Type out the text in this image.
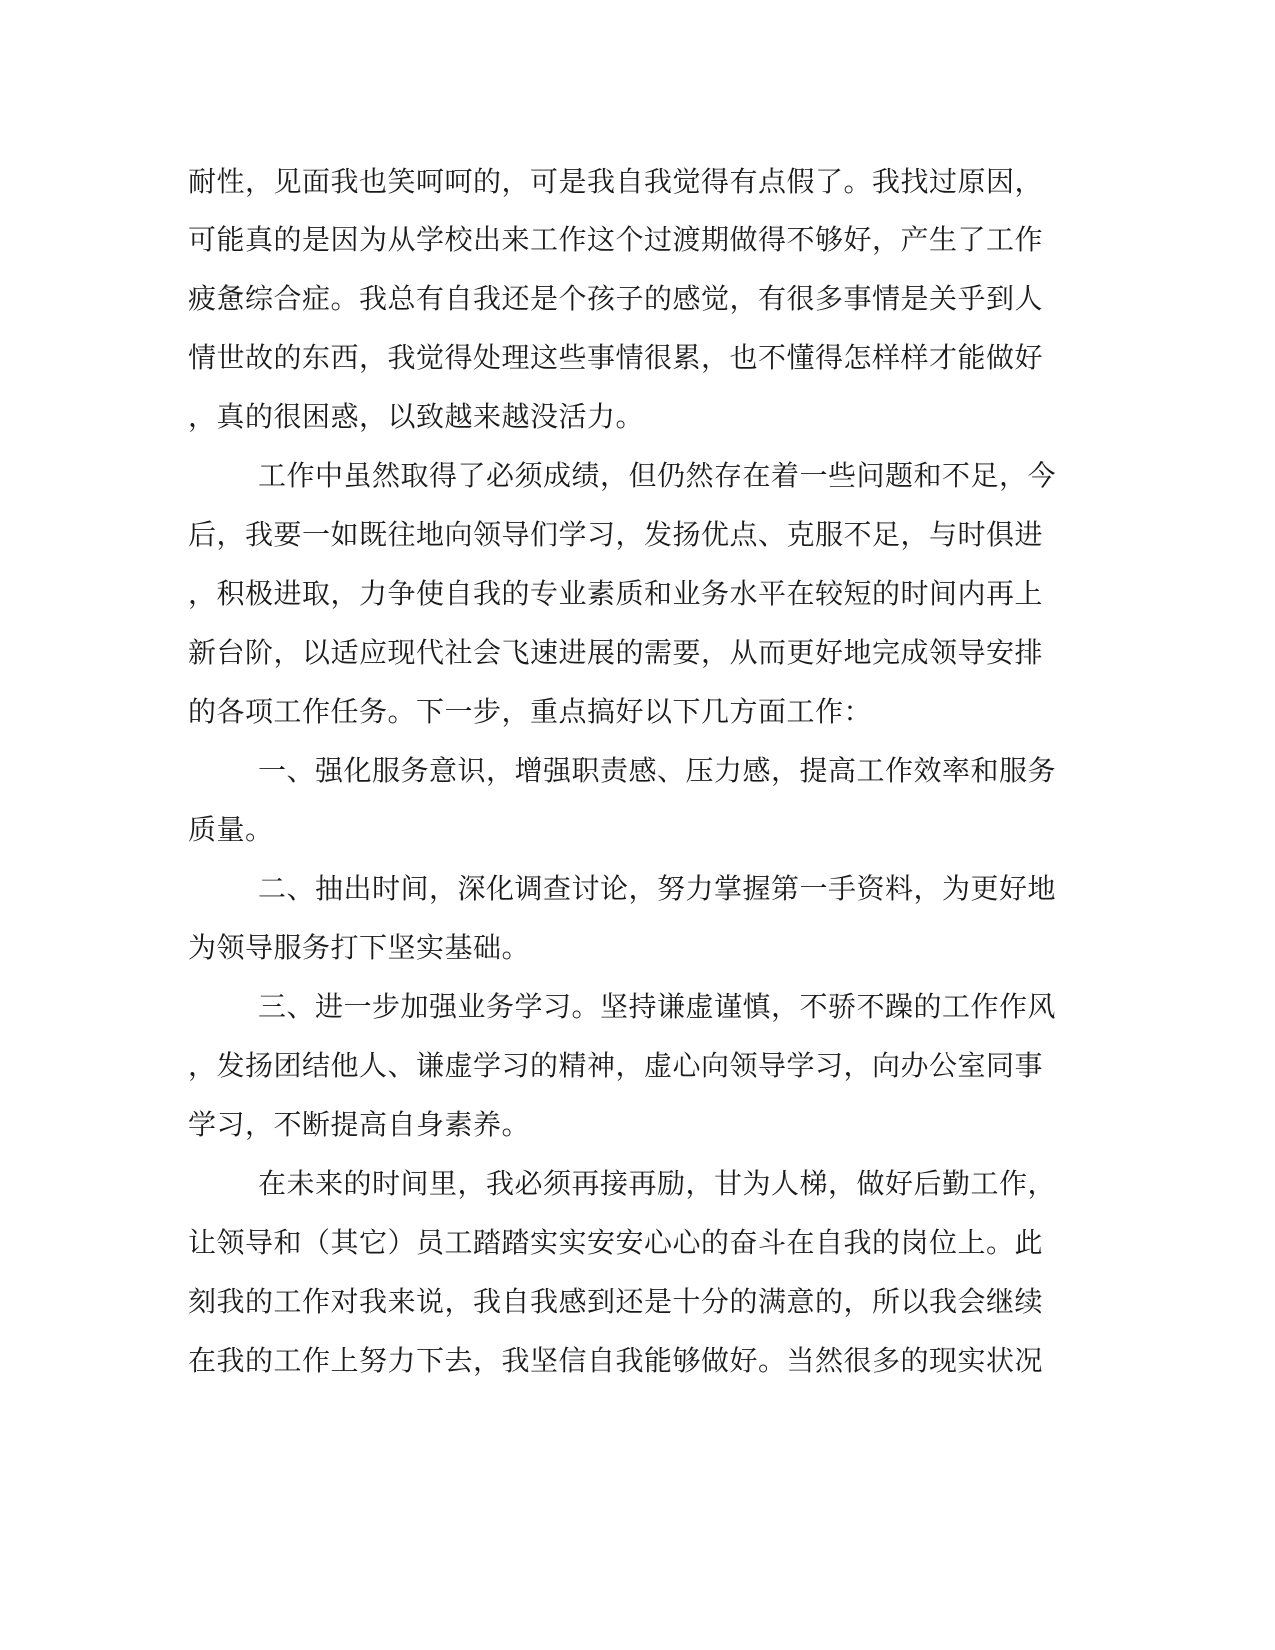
耐性，见面我也笑呵呵的，可是我自我觉得有点假了。我找过原因，
可能真的是因为从学校出来工作这个过渡期做得不够好，产生了工作
疲惫综合症。我总有自我还是个孩子的感觉，有很多事情是关乎到人
情世故的东西，我觉得处理这些事情很累，也不懂得怎样样才能做好
，真的很困惑，以致越来越没活力。
工作中虽然取得了必须成绩，但仍然存在着一些问题和不足，今
后，我要一如既往地向领导们学习，发扬优点、克服不足，与时俱进
，积极进取，力争使自我的专业素质和业务水平在较短的时间内再上
新台阶，以适应现代社会飞速进展的需要，从而更好地完成领导安排
的各项工作任务。下一步，重点搞好以下几方面工作：
一、强化服务意识，增强职责感、压力感，提高工作效率和服务
质量。
二、抽出时间，深化调查讨论，努力掌握第一手资料，为更好地
为领导服务打下坚实基础。
三、进一步加强业务学习。坚持谦虚谨慎，不骄不躁的工作作风
，发扬团结他人、谦虚学习的精神，虚心向领导学习，向办公室同事
学习，不断提高自身素养。
在未来的时间里，我必须再接再励，甘为人梯，做好后勤工作，
让领导和（其它）员工踏踏实实安安心心的奋斗在自我的岗位上。此
刻我的工作对我来说，我自我感到还是十分的满意的，所以我会继续
在我的工作上努力下去，我坚信自我能够做好。当然很多的现实状况
